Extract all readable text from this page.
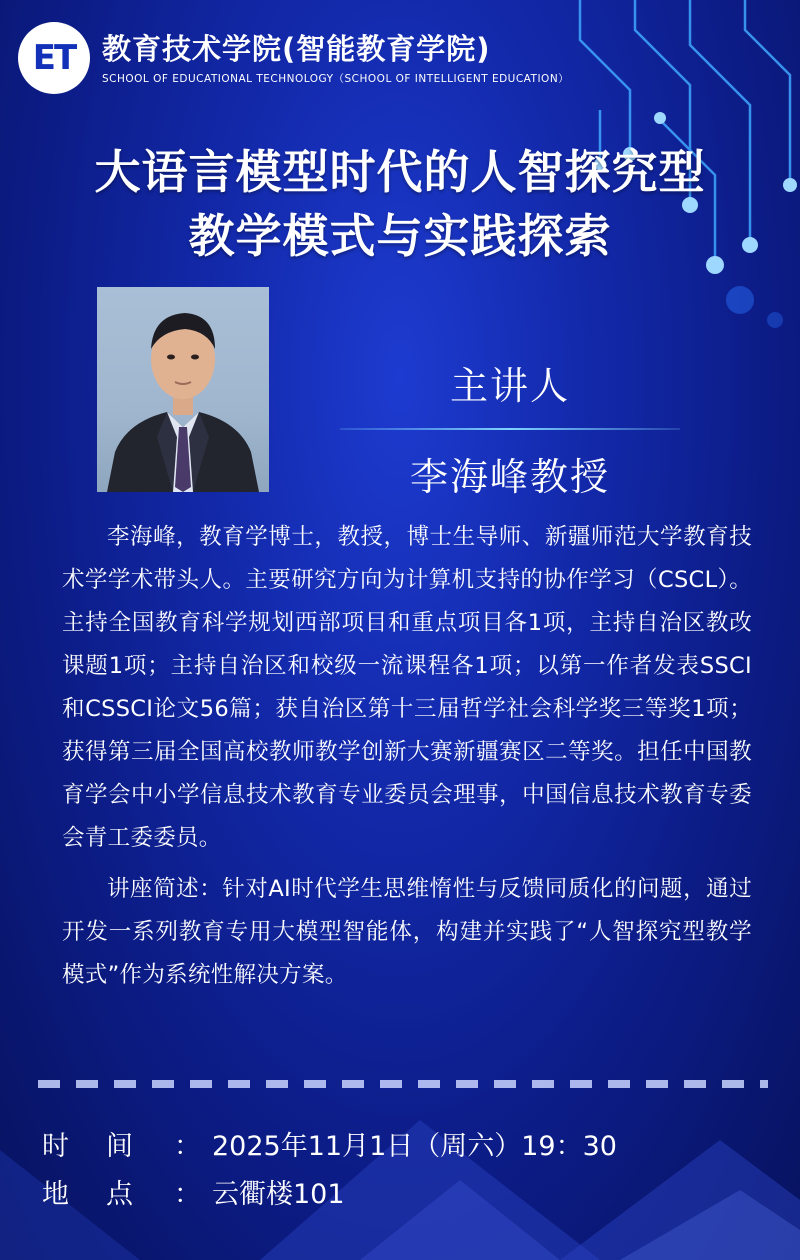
ET 教育技术学院(智能教育学院)
SCHOOL OF EDUCATIONAL TECHNOLOGY（SCHOOL OF INTELLIGENT EDUCATION）
大语言模型时代的人智探究型
教学模式与实践探索
主讲人
李海峰教授

李海峰，教育学博士，教授，博士生导师、新疆师范大学教育技术学学术带头人。主要研究方向为计算机支持的协作学习（CSCL）。主持全国教育科学规划西部项目和重点项目各1项，主持自治区教改课题1项；主持自治区和校级一流课程各1项；以第一作者发表SSCI和CSSCI论文56篇；获自治区第十三届哲学社会科学奖三等奖1项；获得第三届全国高校教师教学创新大赛新疆赛区二等奖。担任中国教育学会中小学信息技术教育专业委员会理事，中国信息技术教育专委会青工委委员。

讲座简述：针对AI时代学生思维惰性与反馈同质化的问题，通过开发一系列教育专用大模型智能体，构建并实践了“人智探究型教学模式”作为系统性解决方案。

时	间	： 2025年11月1日（周六）19：30
地	点	： 云衢楼101
